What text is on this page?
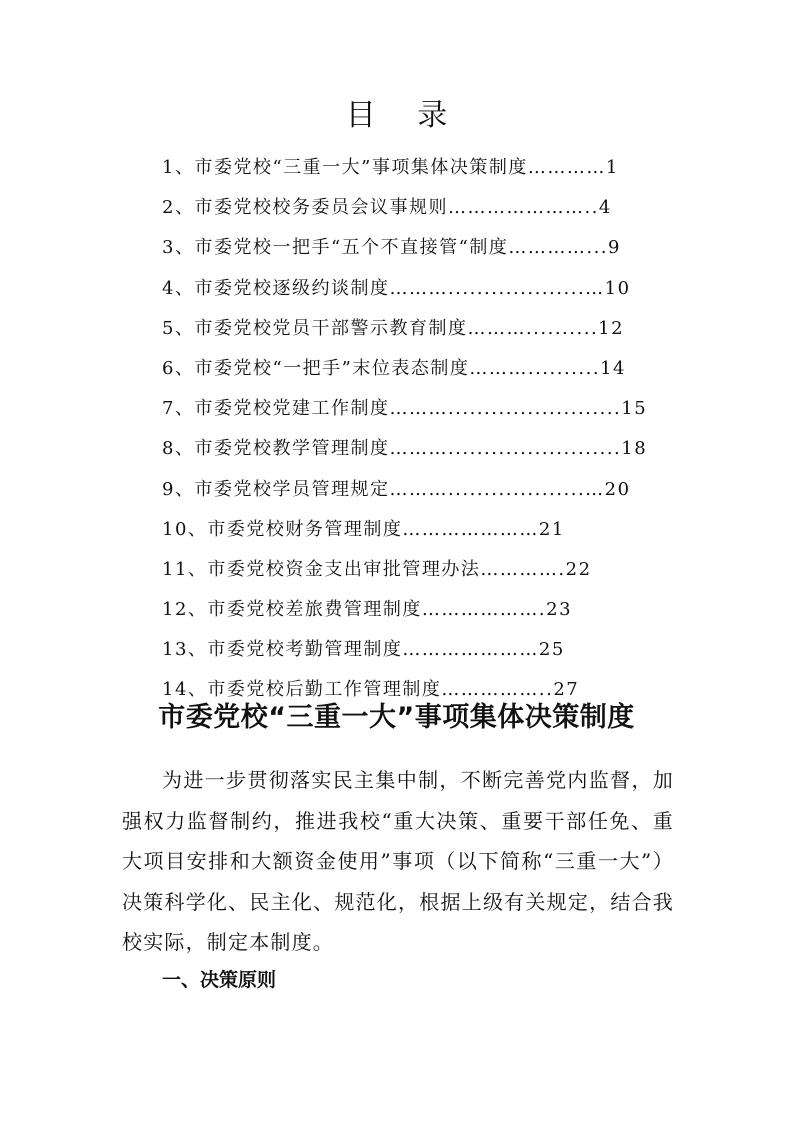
目 录
1、市委党校“三重一大”事项集体决策制度…………1
2、市委党校校务委员会议事规则…………………..4
3、市委党校一把手“五个不直接管“制度…………...9
4、市委党校逐级约谈制度………...................…10
5、市委党校党员干部警示教育制度………..........12
6、市委党校“一把手”末位表态制度………..........14
7、市委党校党建工作制度………........................15
8、市委党校教学管理制度………........................18
9、市委党校学员管理规定………...................…20
10、市委党校财务管理制度…………………21
11、市委党校资金支出审批管理办法………….22
12、市委党校差旅费管理制度……………….23
13、市委党校考勤管理制度…………………25
14、市委党校后勤工作管理制度……………..27
市委党校“三重一大”事项集体决策制度

为进一步贯彻落实民主集中制，不断完善党内监督，加强权力监督制约，推进我校“重大决策、重要干部任免、重大项目安排和大额资金使用”事项（以下简称“三重一大”）决策科学化、民主化、规范化，根据上级有关规定，结合我校实际，制定本制度。

一、决策原则
